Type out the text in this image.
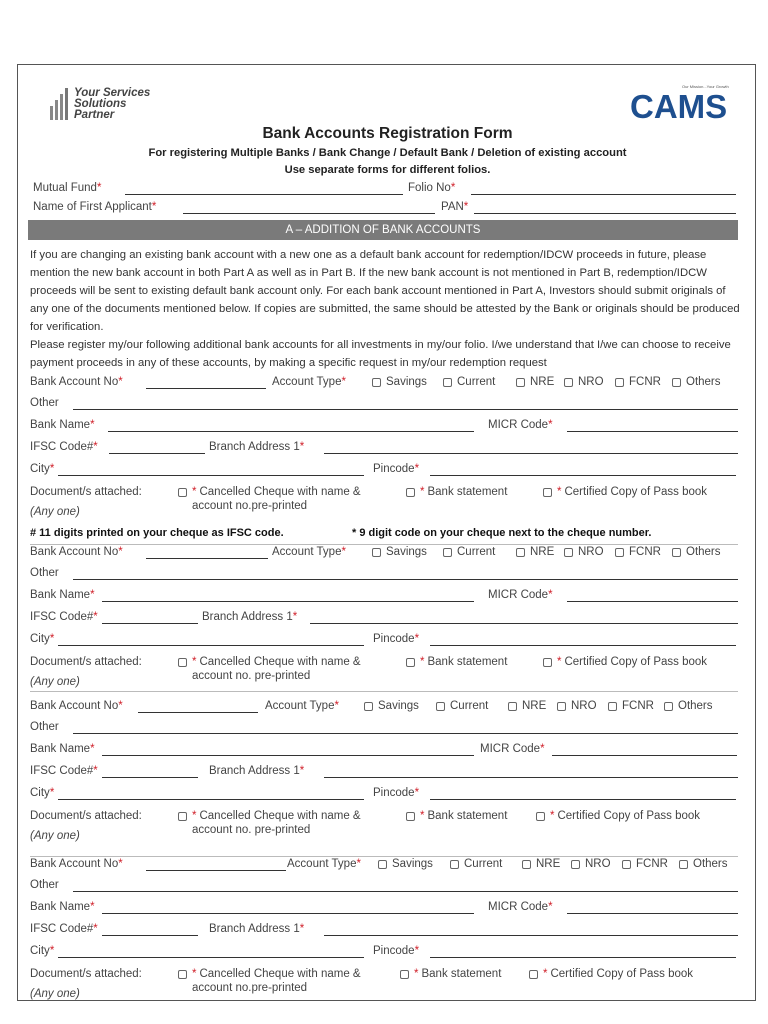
Your Services
Solutions
Partner
Our Mission...Your Growth
CAMS
Bank Accounts Registration Form
For registering Multiple Banks / Bank Change / Default Bank / Deletion of existing account
Use separate forms for different folios.
Mutual Fund*	Folio No*
Name of First Applicant*	PAN*
A – ADDITION OF BANK ACCOUNTS

If you are changing an existing bank account with a new one as a default bank account for redemption/IDCW proceeds in future, please mention the new bank account in both Part A as well as in Part B. If the new bank account is not mentioned in Part B, redemption/IDCW proceeds will be sent to existing default bank account only. For each bank account mentioned in Part A, Investors should submit originals of any one of the documents mentioned below. If copies are submitted, the same should be attested by the Bank or originals should be produced for verification.

Please register my/our following additional bank accounts for all investments in my/our folio. I/we understand that I/we can choose to receive payment proceeds in any of these accounts, by making a specific request in my/our redemption request

Bank Account No*	Account Type*	Savings	Current	NRE NRO FCNR Others
Other
Bank Name*	MICR Code*
IFSC Code#*	Branch Address 1*
City*	Pincode*
Document/s attached:
(Any one)
* Cancelled Cheque with name &
account no.pre-printed
* Bank statement	* Certified Copy of Pass book
Bank Account No*	Account Type*	Savings	Current	NRE NRO FCNR Others
Other
Bank Name*	MICR Code*
IFSC Code#*	Branch Address 1*
City*	Pincode*
Document/s attached:
(Any one)
* Cancelled Cheque with name &
account no. pre-printed
* Bank statement	* Certified Copy of Pass book
Bank Account No*	Account Type*	Savings	Current	NRE NRO FCNR Others
Other
Bank Name*	MICR Code*
IFSC Code#*	Branch Address 1*
City*	Pincode*
Document/s attached:
(Any one)
* Cancelled Cheque with name &
account no. pre-printed
* Bank statement	* Certified Copy of Pass book
Bank Account No*	Account Type*	Savings	Current	NRE NRO FCNR Others
Other
Bank Name*	MICR Code*
IFSC Code#*	Branch Address 1*
City*	Pincode*
Document/s attached:
(Any one)
* Cancelled Cheque with name &
account no.pre-printed
* Bank statement	* Certified Copy of Pass book
# 11 digits printed on your cheque as IFSC code.	* 9 digit code on your cheque next to the cheque number.
